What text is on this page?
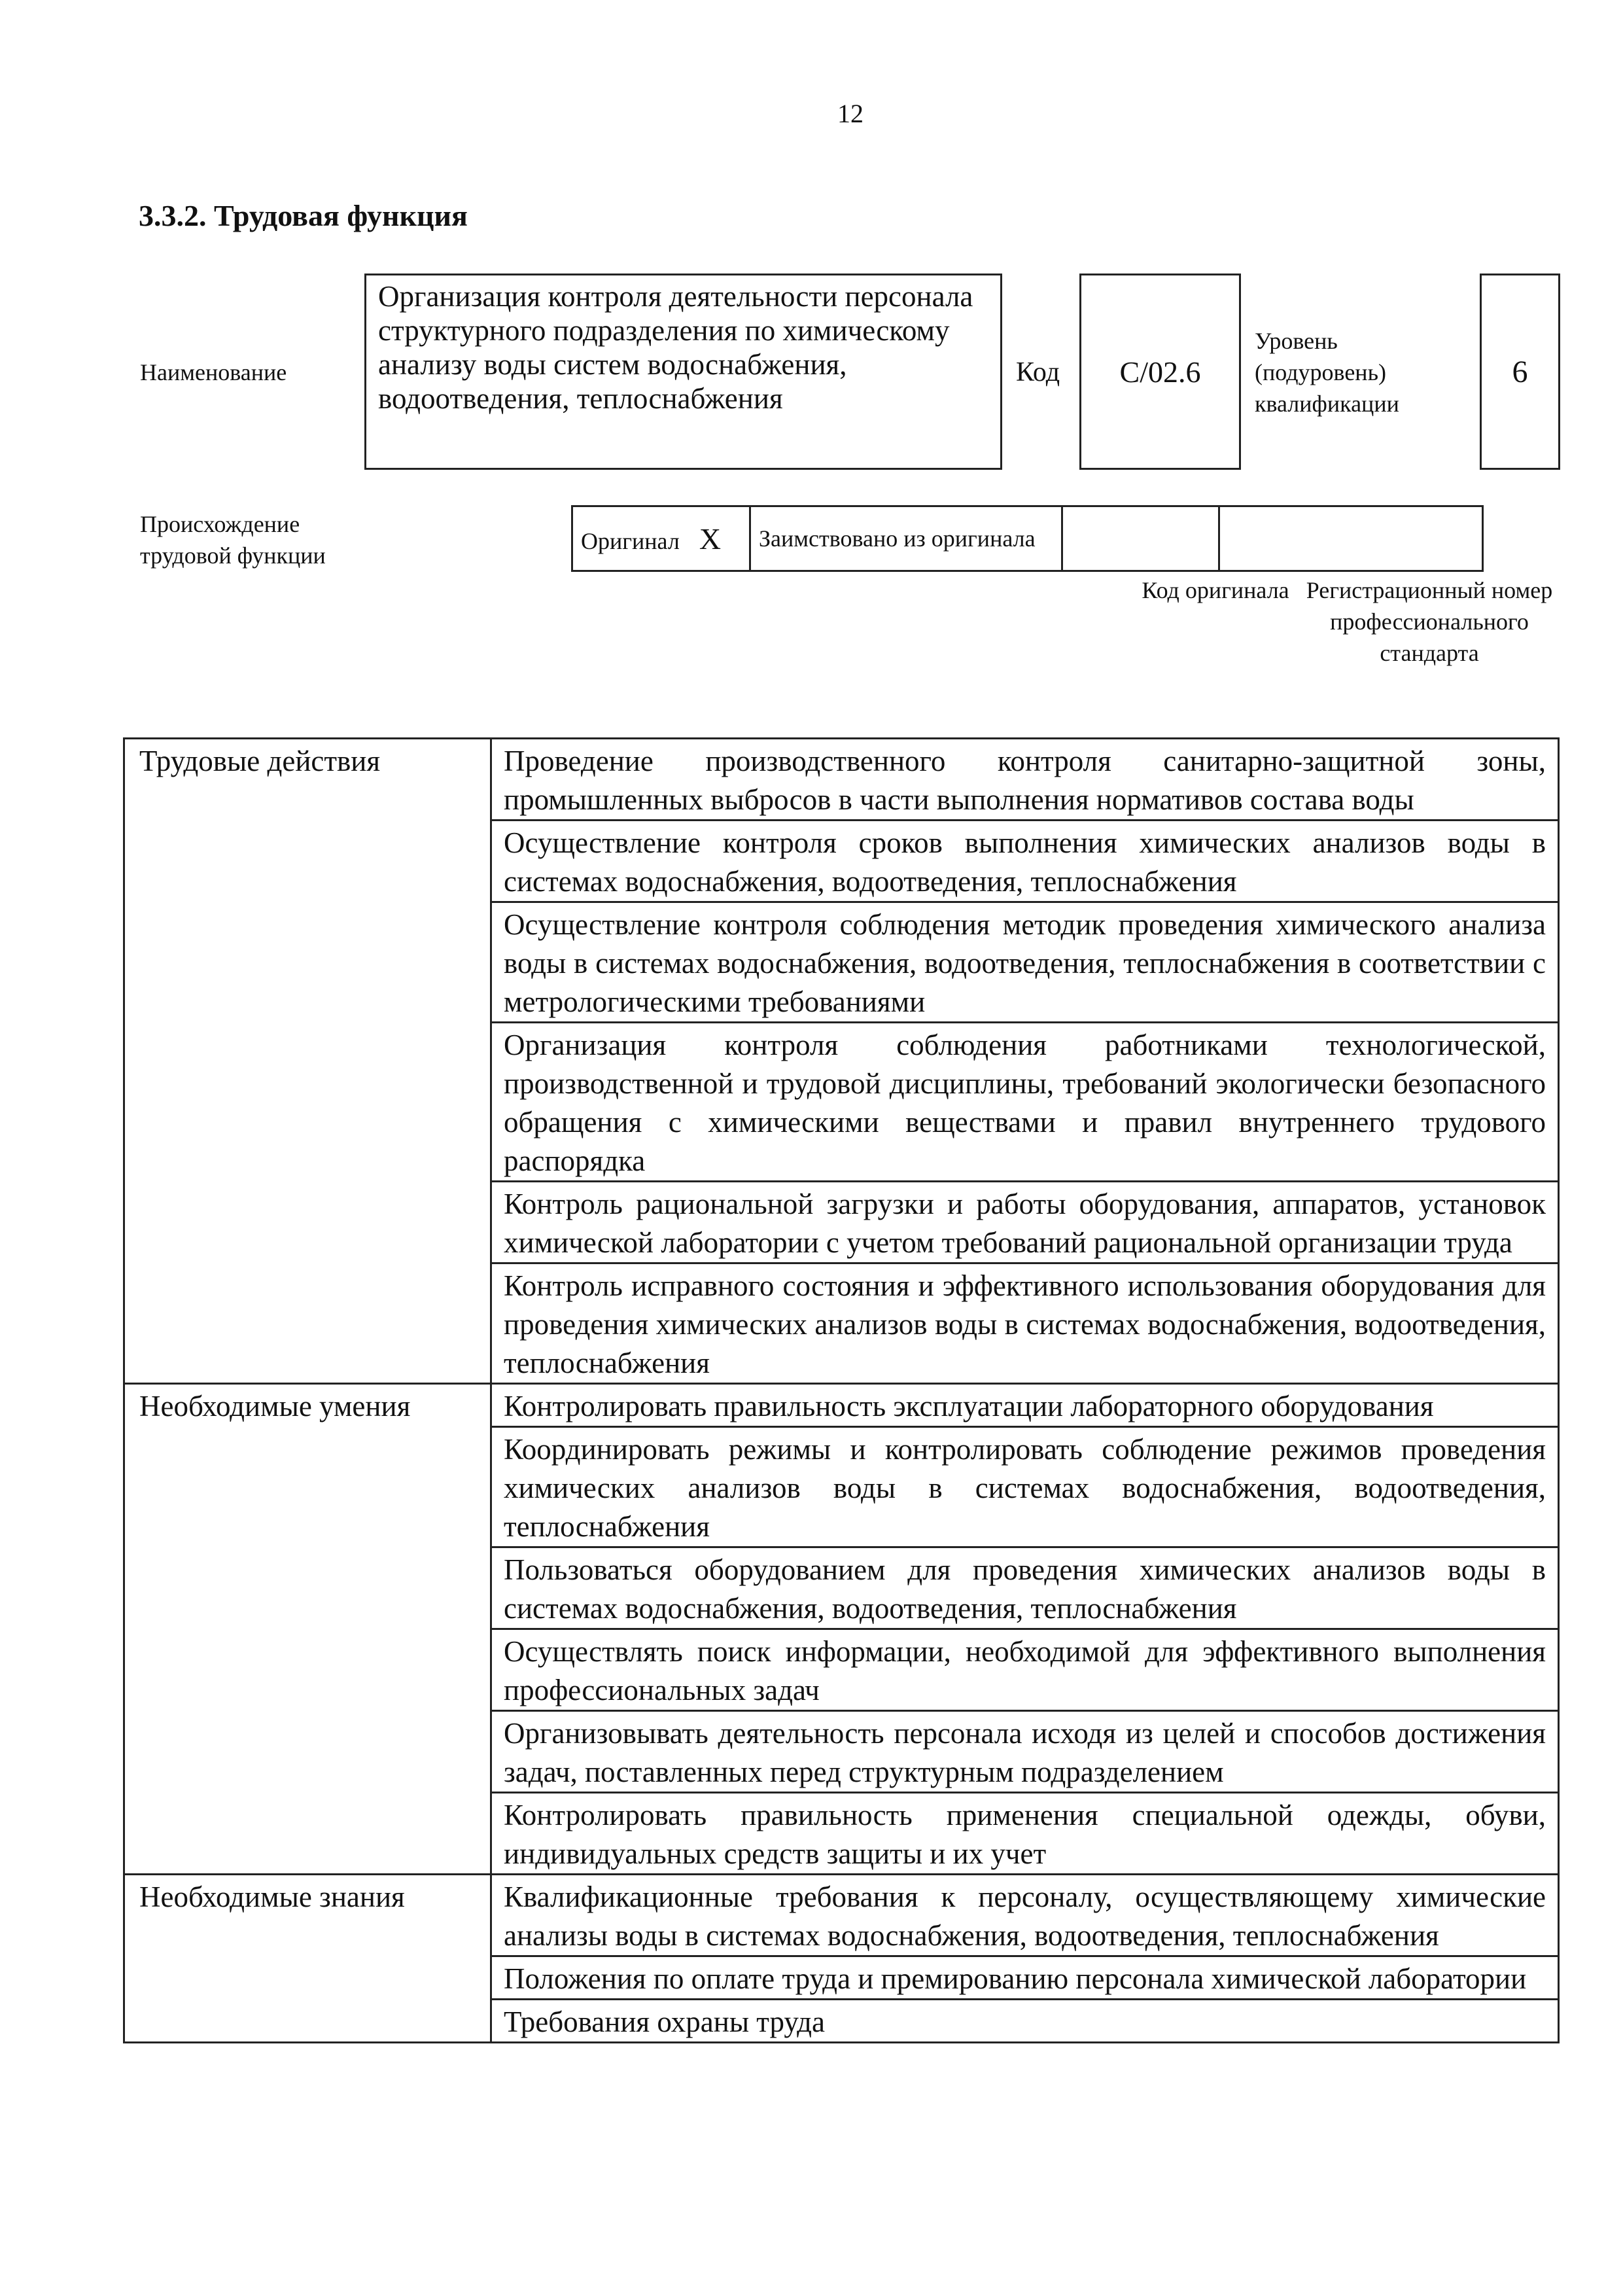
12
3.3.2. Трудовая функция
Наименование
Организация контроля деятельности персонала структурного подразделения по химическому анализу воды систем водоснабжения, водоотведения, теплоснабжения
Код C/02.6
Уровень (подуровень) квалификации
6
Происхождение трудовой функции
Оригинал X	Заимствовано из оригинала		
Код оригинала Регистрационный номер профессионального стандарта
Трудовые действия	Проведение производственного контроля санитарно-защитной зоны, промышленных выбросов в части выполнения нормативов состава воды
	Осуществление контроля сроков выполнения химических анализов воды в системах водоснабжения, водоотведения, теплоснабжения
	Осуществление контроля соблюдения методик проведения химического анализа воды в системах водоснабжения, водоотведения, теплоснабжения в соответствии с метрологическими требованиями
	Организация контроля соблюдения работниками технологической, производственной и трудовой дисциплины, требований экологически безопасного обращения с химическими веществами и правил внутреннего трудового распорядка
	Контроль рациональной загрузки и работы оборудования, аппаратов, установок химической лаборатории с учетом требований рациональной организации труда
	Контроль исправного состояния и эффективного использования оборудования для проведения химических анализов воды в системах водоснабжения, водоотведения, теплоснабжения
Необходимые умения	Контролировать правильность эксплуатации лабораторного оборудования
	Координировать режимы и контролировать соблюдение режимов проведения химических анализов воды в системах водоснабжения, водоотведения, теплоснабжения
	Пользоваться оборудованием для проведения химических анализов воды в системах водоснабжения, водоотведения, теплоснабжения
	Осуществлять поиск информации, необходимой для эффективного выполнения профессиональных задач
	Организовывать деятельность персонала исходя из целей и способов достижения задач, поставленных перед структурным подразделением
	Контролировать правильность применения специальной одежды, обуви, индивидуальных средств защиты и их учет
Необходимые знания	Квалификационные требования к персоналу, осуществляющему химические анализы воды в системах водоснабжения, водоотведения, теплоснабжения
	Положения по оплате труда и премированию персонала химической лаборатории
	Требования охраны труда
